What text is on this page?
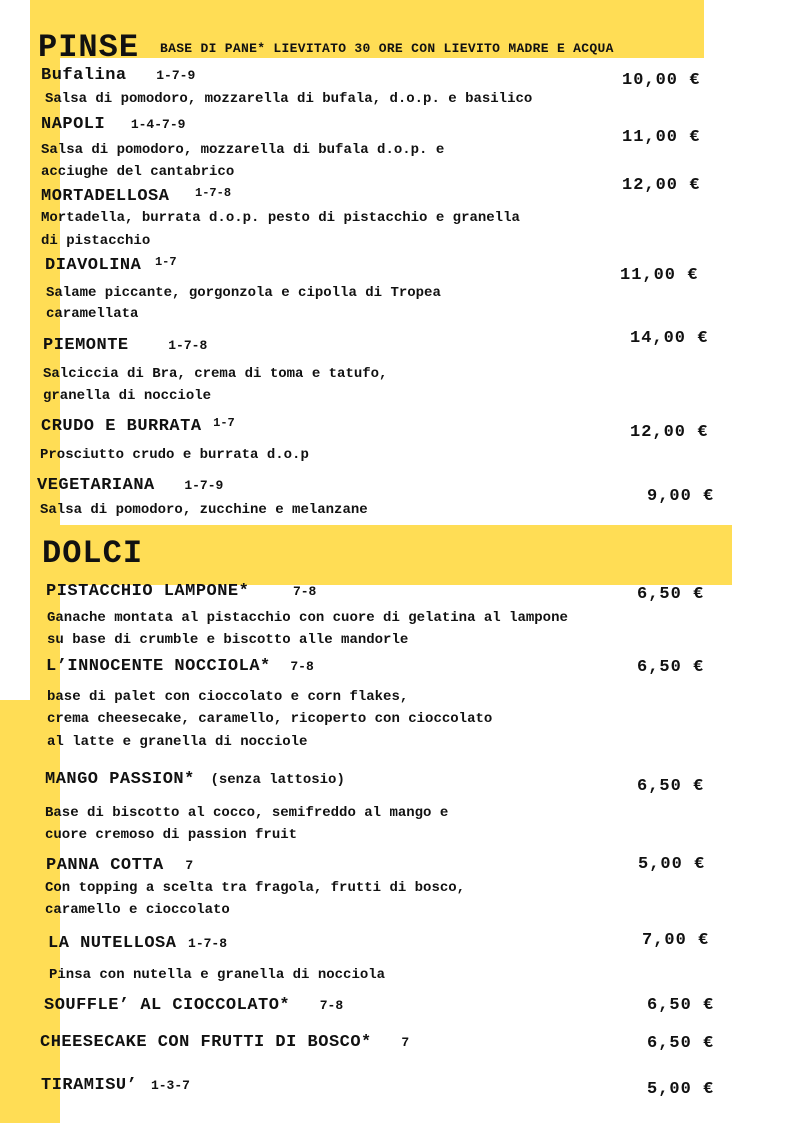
PINSE BASE DI PANE* LIEVITATO 30 ORE CON LIEVITO MADRE E ACQUA
Bufalina 1-7-9
Salsa di pomodoro, mozzarella di bufala, d.o.p. e basilico
10,00 €
NAPOLI 1-4-7-9
Salsa di pomodoro, mozzarella di bufala d.o.p. e
acciughe del cantabrico
11,00 €
MORTADELLOSA $^{1-7-8}$
Mortadella, burrata d.o.p. pesto di pistacchio e granella
di pistacchio
12,00 €
DIAVOLINA $^{1-7}$
Salame piccante, gorgonzola e cipolla di Tropea
caramellata
11,00 €
PIEMONTE	1-7-8
Salciccia di Bra, crema di toma e tatufo,
granella di nocciole
14,00 €
CRUDO E BURRATA $^{1-7}$
Prosciutto crudo e burrata d.o.p
12,00 €
VEGETARIANA 1-7-9
Salsa di pomodoro, zucchine e melanzane
9,00 €
DOLCI
PISTACCHIO LAMPONE*	7-8
Ganache montata al pistacchio con cuore di gelatina al lampone
su base di crumble e biscotto alle mandorle
6,50 €
L’INNOCENTE NOCCIOLA* 7-8
base di palet con cioccolato e corn flakes,
crema cheesecake, caramello, ricoperto con cioccolato
al latte e granella di nocciole
6,50 €
MANGO PASSION* (senza lattosio)
Base di biscotto al cocco, semifreddo al mango e
cuore cremoso di passion fruit
6,50 €
PANNA COTTA 7
Con topping a scelta tra fragola, frutti di bosco,
caramello e cioccolato
5,00 €
LA NUTELLOSA 1-7-8
Pinsa con nutella e granella di nocciola
7,00 €
SOUFFLE’ AL CIOCCOLATO* 7-8	6,50 €
CHEESECAKE CON FRUTTI DI BOSCO* 7	6,50 €
TIRAMISU’ 1-3-7	5,00 €
